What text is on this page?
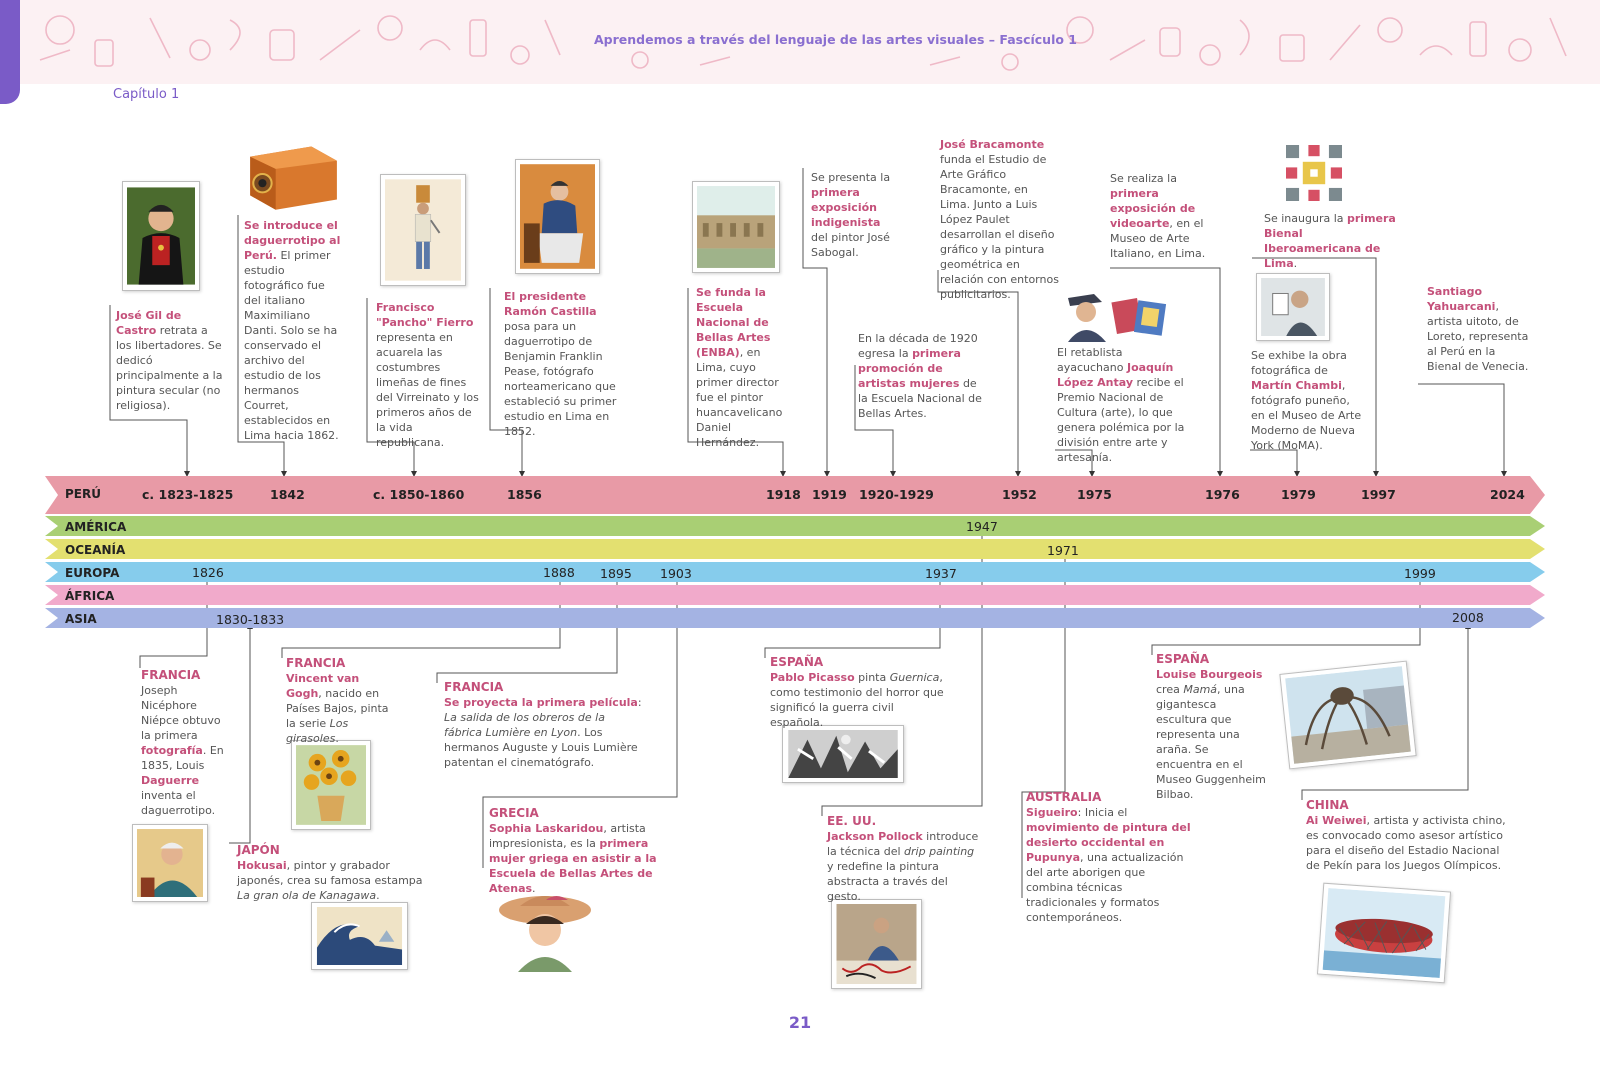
Aprendemos a través del lenguaje de las artes visuales – Fascículo 1
Capítulo 1
PERÚ
AMÉRICA
OCEANÍA
EUROPA
ÁFRICA
ASIA
c. 1823-1825	1842	c. 1850-1860	1856	1918 1919 1920-1929	1952	1975	1976	1979	1997	2024
1947
1971
1826	1888 1895 1903	1937	1999
1830-1833	2008
José Gil de Castro retrata a los libertadores. Se dedicó principalmente a la pintura secular (no religiosa).
Se introduce el daguerrotipo al Perú. El primer estudio fotográfico fue del italiano Maximiliano Danti. Solo se ha conservado el archivo del estudio de los hermanos Courret, establecidos en Lima hacia 1862.
Francisco "Pancho" Fierro representa en acuarela las costumbres limeñas de fines del Virreinato y los primeros años de la vida republicana.
El presidente Ramón Castilla posa para un daguerrotipo de Benjamin Franklin Pease, fotógrafo norteamericano que estableció su primer estudio en Lima en 1852.
Se funda la Escuela Nacional de Bellas Artes (ENBA), en Lima, cuyo primer director fue el pintor huancavelicano Daniel Hernández.
Se presenta la primera exposición indigenista del pintor José Sabogal.
En la década de 1920 egresa la primera promoción de artistas mujeres de la Escuela Nacional de Bellas Artes.
José Bracamonte funda el Estudio de Arte Gráfico Bracamonte, en Lima. Junto a Luis López Paulet desarrollan el diseño gráfico y la pintura geométrica en relación con entornos publicitarios.
El retablista ayacuchano Joaquín López Antay recibe el Premio Nacional de Cultura (arte), lo que genera polémica por la división entre arte y artesanía.
Se realiza la primera exposición de videoarte, en el Museo de Arte Italiano, en Lima.
Se exhibe la obra fotográfica de Martín Chambi, fotógrafo puneño, en el Museo de Arte Moderno de Nueva York (MoMA).
Se inaugura la primera Bienal Iberoamericana de Lima.
Santiago Yahuarcani, artista uitoto, de Loreto, representa al Perú en la Bienal de Venecia.
FRANCIA
Joseph Nicéphore Niépce obtuvo la primera fotografía. En 1835, Louis Daguerre inventa el daguerrotipo.
JAPÓN
Hokusai, pintor y grabador japonés, crea su famosa estampa La gran ola de Kanagawa.
FRANCIA
Vincent van Gogh, nacido en Países Bajos, pinta la serie Los girasoles.
FRANCIA
Se proyecta la primera película: La salida de los obreros de la fábrica Lumière en Lyon. Los hermanos Auguste y Louis Lumière patentan el cinematógrafo.
GRECIA
Sophia Laskaridou, artista impresionista, es la primera mujer griega en asistir a la Escuela de Bellas Artes de Atenas.
ESPAÑA
Pablo Picasso pinta Guernica, como testimonio del horror que significó la guerra civil española.
EE. UU.
Jackson Pollock introduce la técnica del drip painting y redefine la pintura abstracta a través del gesto.
AUSTRALIA
Sigueiro: Inicia el movimiento de pintura del desierto occidental en Pupunya, una actualización del arte aborigen que combina técnicas tradicionales y formatos contemporáneos.
ESPAÑA
Louise Bourgeois crea Mamá, una gigantesca escultura que representa una araña. Se encuentra en el Museo Guggenheim Bilbao.
CHINA
Ai Weiwei, artista y activista chino, es convocado como asesor artístico para el diseño del Estadio Nacional de Pekín para los Juegos Olímpicos.
21
